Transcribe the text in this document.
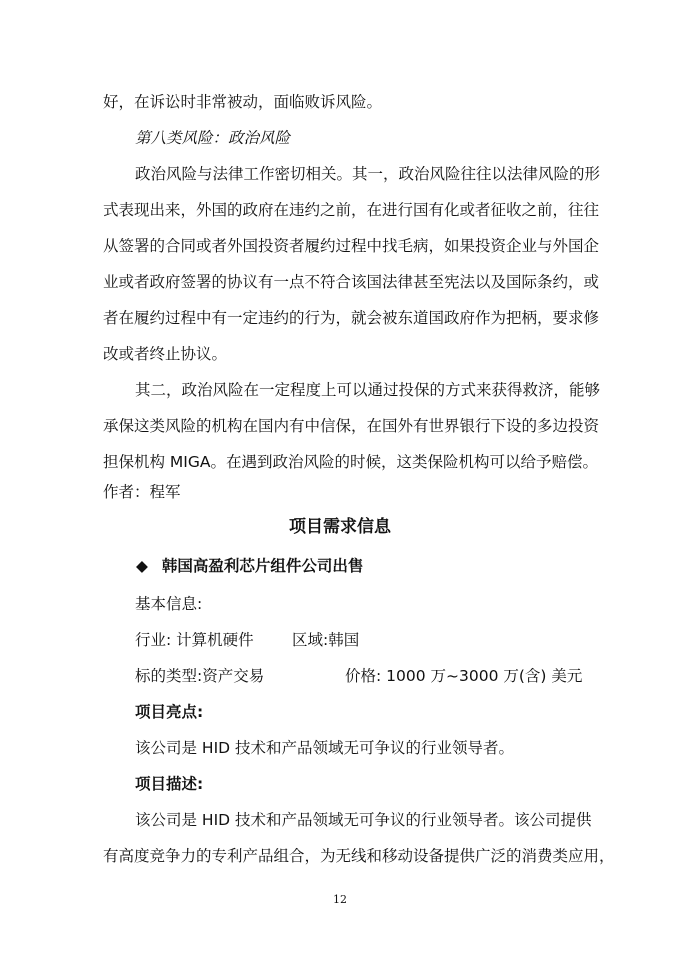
好，在诉讼时非常被动，面临败诉风险。
第八类风险：政治风险
政治风险与法律工作密切相关。其一，政治风险往往以法律风险的形
式表现出来，外国的政府在违约之前，在进行国有化或者征收之前，往往
从签署的合同或者外国投资者履约过程中找毛病，如果投资企业与外国企
业或者政府签署的协议有一点不符合该国法律甚至宪法以及国际条约，或
者在履约过程中有一定违约的行为，就会被东道国政府作为把柄，要求修
改或者终止协议。
其二，政治风险在一定程度上可以通过投保的方式来获得救济，能够
承保这类风险的机构在国内有中信保，在国外有世界银行下设的多边投资
担保机构 MIGA。在遇到政治风险的时候，这类保险机构可以给予赔偿。
作者：程军
项目需求信息
◆ 韩国高盈利芯片组件公司出售
基本信息:
行业: 计算机硬件 区域:韩国
标的类型:资产交易	价格: 1000 万~3000 万(含) 美元
项目亮点:
该公司是 HID 技术和产品领域无可争议的行业领导者。
项目描述:
该公司是 HID 技术和产品领域无可争议的行业领导者。该公司提供
有高度竞争力的专利产品组合，为无线和移动设备提供广泛的消费类应用，
12
